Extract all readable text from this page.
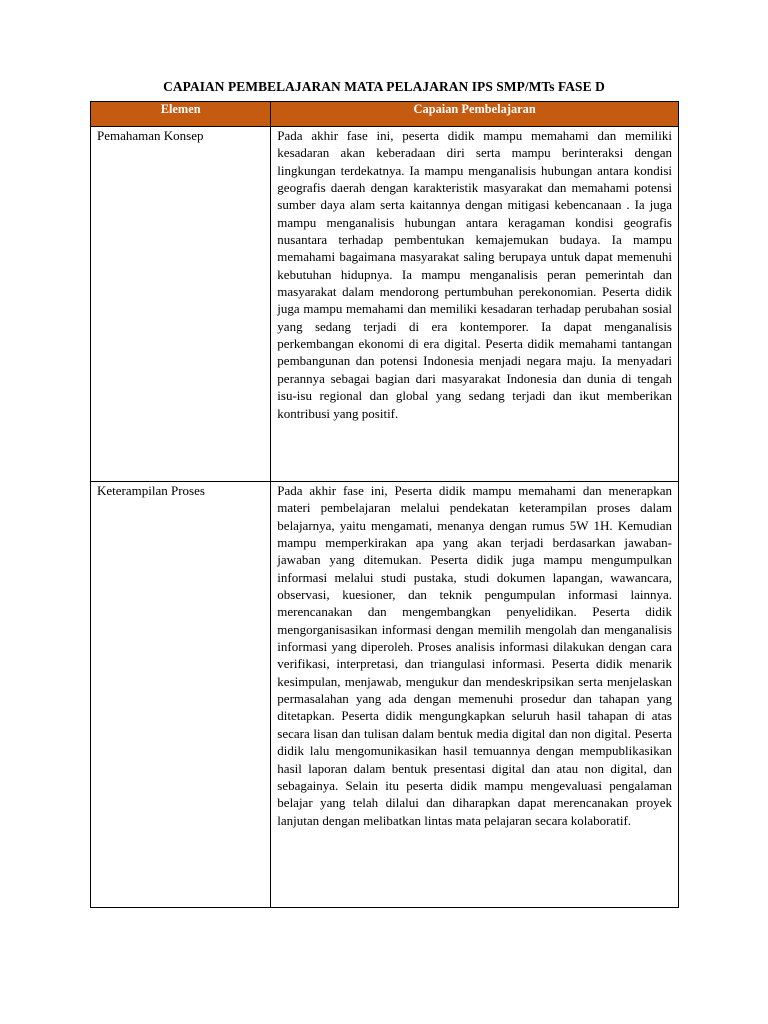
CAPAIAN PEMBELAJARAN MATA PELAJARAN IPS SMP/MTs FASE D
Elemen	Capaian Pembelajaran
Pemahaman Konsep	Pada akhir fase ini, peserta didik mampu memahami dan memiliki kesadaran akan keberadaan diri serta mampu berinteraksi dengan lingkungan terdekatnya. Ia mampu menganalisis hubungan antara kondisi geografis daerah dengan karakteristik masyarakat dan memahami potensi sumber daya alam serta kaitannya dengan mitigasi kebencanaan . Ia juga mampu menganalisis hubungan antara keragaman kondisi geografis nusantara terhadap pembentukan kemajemukan budaya. Ia mampu memahami bagaimana masyarakat saling berupaya untuk dapat memenuhi kebutuhan hidupnya. Ia mampu menganalisis peran pemerintah dan masyarakat dalam mendorong pertumbuhan perekonomian. Peserta didik juga mampu memahami dan memiliki kesadaran terhadap perubahan sosial yang sedang terjadi di era kontemporer. Ia dapat menganalisis perkembangan ekonomi di era digital. Peserta didik memahami tantangan pembangunan dan potensi Indonesia menjadi negara maju. Ia menyadari perannya sebagai bagian dari masyarakat Indonesia dan dunia di tengah isu-isu regional dan global yang sedang terjadi dan ikut memberikan kontribusi yang positif.
Keterampilan Proses	Pada akhir fase ini, Peserta didik mampu memahami dan menerapkan materi pembelajaran melalui pendekatan keterampilan proses dalam belajarnya, yaitu mengamati, menanya dengan rumus 5W 1H. Kemudian mampu memperkirakan apa yang akan terjadi berdasarkan jawaban-jawaban yang ditemukan. Peserta didik juga mampu mengumpulkan informasi melalui studi pustaka, studi dokumen lapangan, wawancara, observasi, kuesioner, dan teknik pengumpulan informasi lainnya. merencanakan dan mengembangkan penyelidikan. Peserta didik mengorganisasikan informasi dengan memilih mengolah dan menganalisis informasi yang diperoleh. Proses analisis informasi dilakukan dengan cara verifikasi, interpretasi, dan triangulasi informasi. Peserta didik menarik kesimpulan, menjawab, mengukur dan mendeskripsikan serta menjelaskan permasalahan yang ada dengan memenuhi prosedur dan tahapan yang ditetapkan. Peserta didik mengungkapkan seluruh hasil tahapan di atas secara lisan dan tulisan dalam bentuk media digital dan non digital. Peserta didik lalu mengomunikasikan hasil temuannya dengan mempublikasikan hasil laporan dalam bentuk presentasi digital dan atau non digital, dan sebagainya. Selain itu peserta didik mampu mengevaluasi pengalaman belajar yang telah dilalui dan diharapkan dapat merencanakan proyek lanjutan dengan melibatkan lintas mata pelajaran secara kolaboratif.
